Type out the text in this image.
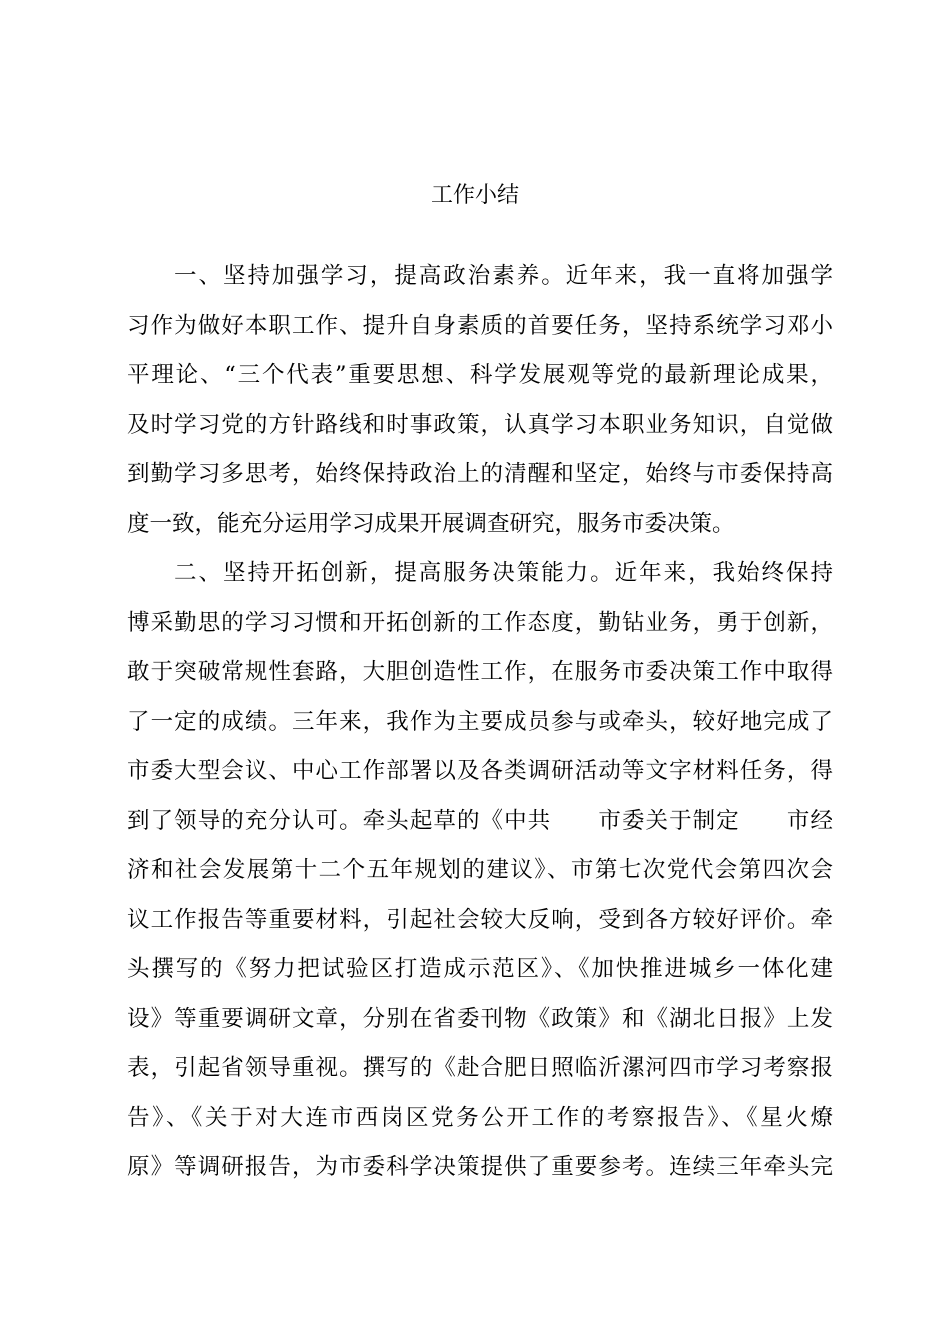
工作小结
一、坚持加强学习，提高政治素养。近年来，我一直将加强学
习作为做好本职工作、提升自身素质的首要任务，坚持系统学习邓小
平理论、“三个代表”重要思想、科学发展观等党的最新理论成果，
及时学习党的方针路线和时事政策，认真学习本职业务知识，自觉做
到勤学习多思考，始终保持政治上的清醒和坚定，始终与市委保持高
度一致，能充分运用学习成果开展调查研究，服务市委决策。
二、坚持开拓创新，提高服务决策能力。近年来，我始终保持
博采勤思的学习习惯和开拓创新的工作态度，勤钻业务，勇于创新，
敢于突破常规性套路，大胆创造性工作，在服务市委决策工作中取得
了一定的成绩。三年来，我作为主要成员参与或牵头，较好地完成了
市委大型会议、中心工作部署以及各类调研活动等文字材料任务，得
到了领导的充分认可。牵头起草的《中共　　市委关于制定　　市经
济和社会发展第十二个五年规划的建议》、市第七次党代会第四次会
议工作报告等重要材料，引起社会较大反响，受到各方较好评价。牵
头撰写的《努力把试验区打造成示范区》、《加快推进城乡一体化建
设》等重要调研文章，分别在省委刊物《政策》和《湖北日报》上发
表，引起省领导重视。撰写的《赴合肥日照临沂漯河四市学习考察报
告》、《关于对大连市西岗区党务公开工作的考察报告》、《星火燎
原》等调研报告，为市委科学决策提供了重要参考。连续三年牵头完
